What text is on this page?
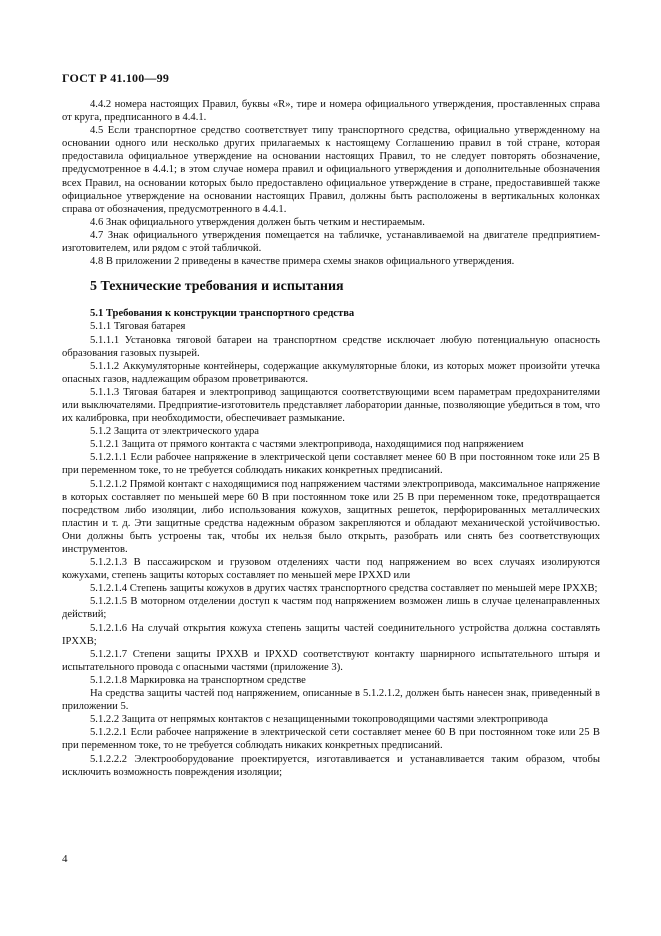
ГОСТ Р 41.100—99

4.4.2 номера настоящих Правил, буквы «R», тире и номера официального утверждения, проставленных справа от круга, предписанного в 4.4.1.

4.5 Если транспортное средство соответствует типу транспортного средства, официально утвержденному на основании одного или несколько других прилагаемых к настоящему Соглашению правил в той стране, которая предоставила официальное утверждение на основании настоящих Правил, то не следует повторять обозначение, предусмотренное в 4.4.1; в этом случае номера правил и официального утверждения и дополнительные обозначения всех Правил, на основании которых было предоставлено официальное утверждение в стране, предоставившей также официальное утверждение на основании настоящих Правил, должны быть расположены в вертикальных колонках справа от обозначения, предусмотренного в 4.4.1.

4.6 Знак официального утверждения должен быть четким и нестираемым.

4.7 Знак официального утверждения помещается на табличке, устанавливаемой на двигателе предприятием-изготовителем, или рядом с этой табличкой.

4.8 В приложении 2 приведены в качестве примера схемы знаков официального утверждения.

5 Технические требования и испытания

5.1 Требования к конструкции транспортного средства

5.1.1 Тяговая батарея

5.1.1.1 Установка тяговой батареи на транспортном средстве исключает любую потенциальную опасность образования газовых пузырей.

5.1.1.2 Аккумуляторные контейнеры, содержащие аккумуляторные блоки, из которых может произойти утечка опасных газов, надлежащим образом проветриваются.

5.1.1.3 Тяговая батарея и электропривод защищаются соответствующими всем параметрам предохранителями или выключателями. Предприятие-изготовитель представляет лаборатории данные, позволяющие убедиться в том, что их калибровка, при необходимости, обеспечивает размыкание.

5.1.2 Защита от электрического удара

5.1.2.1 Защита от прямого контакта с частями электропривода, находящимися под напряжением

5.1.2.1.1 Если рабочее напряжение в электрической цепи составляет менее 60 В при постоянном токе или 25 В при переменном токе, то не требуется соблюдать никаких конкретных предписаний.

5.1.2.1.2 Прямой контакт с находящимися под напряжением частями электропривода, максимальное напряжение в которых составляет по меньшей мере 60 В при постоянном токе или 25 В при переменном токе, предотвращается посредством либо изоляции, либо использования кожухов, защитных решеток, перфорированных металлических пластин и т. д. Эти защитные средства надежным образом закрепляются и обладают механической устойчивостью. Они должны быть устроены так, чтобы их нельзя было открыть, разобрать или снять без соответствующих инструментов.

5.1.2.1.3 В пассажирском и грузовом отделениях части под напряжением во всех случаях изолируются кожухами, степень защиты которых составляет по меньшей мере IPXXD или

5.1.2.1.4 Степень защиты кожухов в других частях транспортного средства составляет по меньшей мере IPXXB;

5.1.2.1.5 В моторном отделении доступ к частям под напряжением возможен лишь в случае целенаправленных действий;

5.1.2.1.6 На случай открытия кожуха степень защиты частей соединительного устройства должна составлять IPXXB;

5.1.2.1.7 Степени защиты IPXXB и IPXXD соответствуют контакту шарнирного испытательного штыря и испытательного провода с опасными частями (приложение 3).

5.1.2.1.8 Маркировка на транспортном средстве

На средства защиты частей под напряжением, описанные в 5.1.2.1.2, должен быть нанесен знак, приведенный в приложении 5.

5.1.2.2 Защита от непрямых контактов с незащищенными токопроводящими частями электропривода

5.1.2.2.1 Если рабочее напряжение в электрической сети составляет менее 60 В при постоянном токе или 25 В при переменном токе, то не требуется соблюдать никаких конкретных предписаний.

5.1.2.2.2 Электрооборудование проектируется, изготавливается и устанавливается таким образом, чтобы исключить возможность повреждения изоляции;

4
